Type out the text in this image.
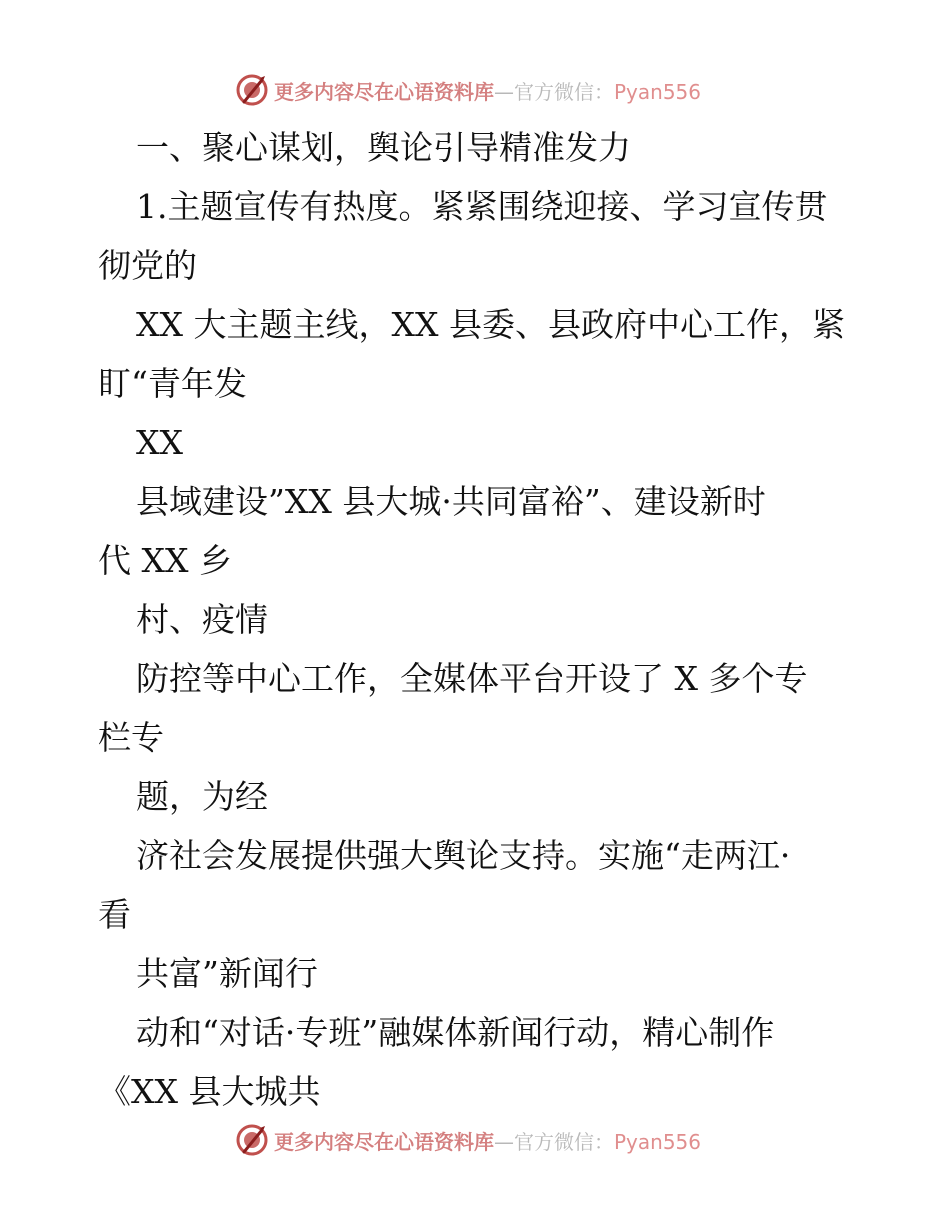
更多内容尽在心语资料库—官方微信：Pyan556
一、聚心谋划，舆论引导精准发力
1.主题宣传有热度。紧紧围绕迎接、学习宣传贯
彻党的
XX 大主题主线，XX 县委、县政府中心工作，紧
盯“青年发
XX
县域建设”XX 县大城·共同富裕”、建设新时
代 XX 乡
村、疫情
防控等中心工作，全媒体平台开设了 X 多个专
栏专
题，为经
济社会发展提供强大舆论支持。实施“走两江·
看
共富”新闻行
动和“对话·专班”融媒体新闻行动，精心制作
《XX 县大城共
更多内容尽在心语资料库—官方微信：Pyan556
